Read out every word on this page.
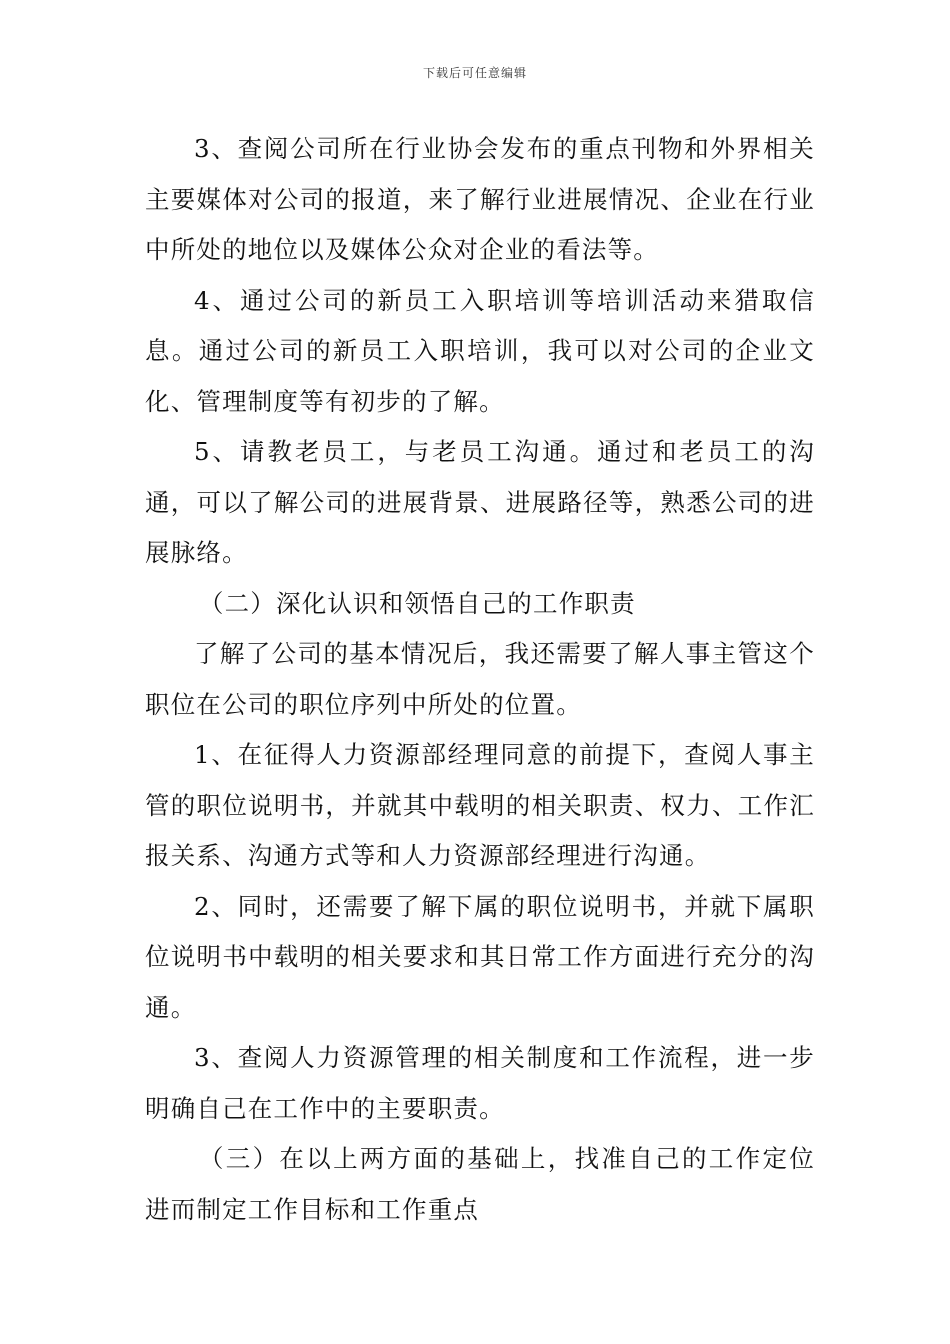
下载后可任意编辑

3、查阅公司所在行业协会发布的重点刊物和外界相关主要媒体对公司的报道，来了解行业进展情况、企业在行业中所处的地位以及媒体公众对企业的看法等。

4、通过公司的新员工入职培训等培训活动来猎取信息。通过公司的新员工入职培训，我可以对公司的企业文化、管理制度等有初步的了解。

5、请教老员工，与老员工沟通。通过和老员工的沟通，可以了解公司的进展背景、进展路径等，熟悉公司的进展脉络。

（二）深化认识和领悟自己的工作职责

了解了公司的基本情况后，我还需要了解人事主管这个职位在公司的职位序列中所处的位置。

1、在征得人力资源部经理同意的前提下，查阅人事主管的职位说明书，并就其中载明的相关职责、权力、工作汇报关系、沟通方式等和人力资源部经理进行沟通。

2、同时，还需要了解下属的职位说明书，并就下属职位说明书中载明的相关要求和其日常工作方面进行充分的沟通。

3、查阅人力资源管理的相关制度和工作流程，进一步明确自己在工作中的主要职责。

（三）在以上两方面的基础上，找准自己的工作定位进而制定工作目标和工作重点
